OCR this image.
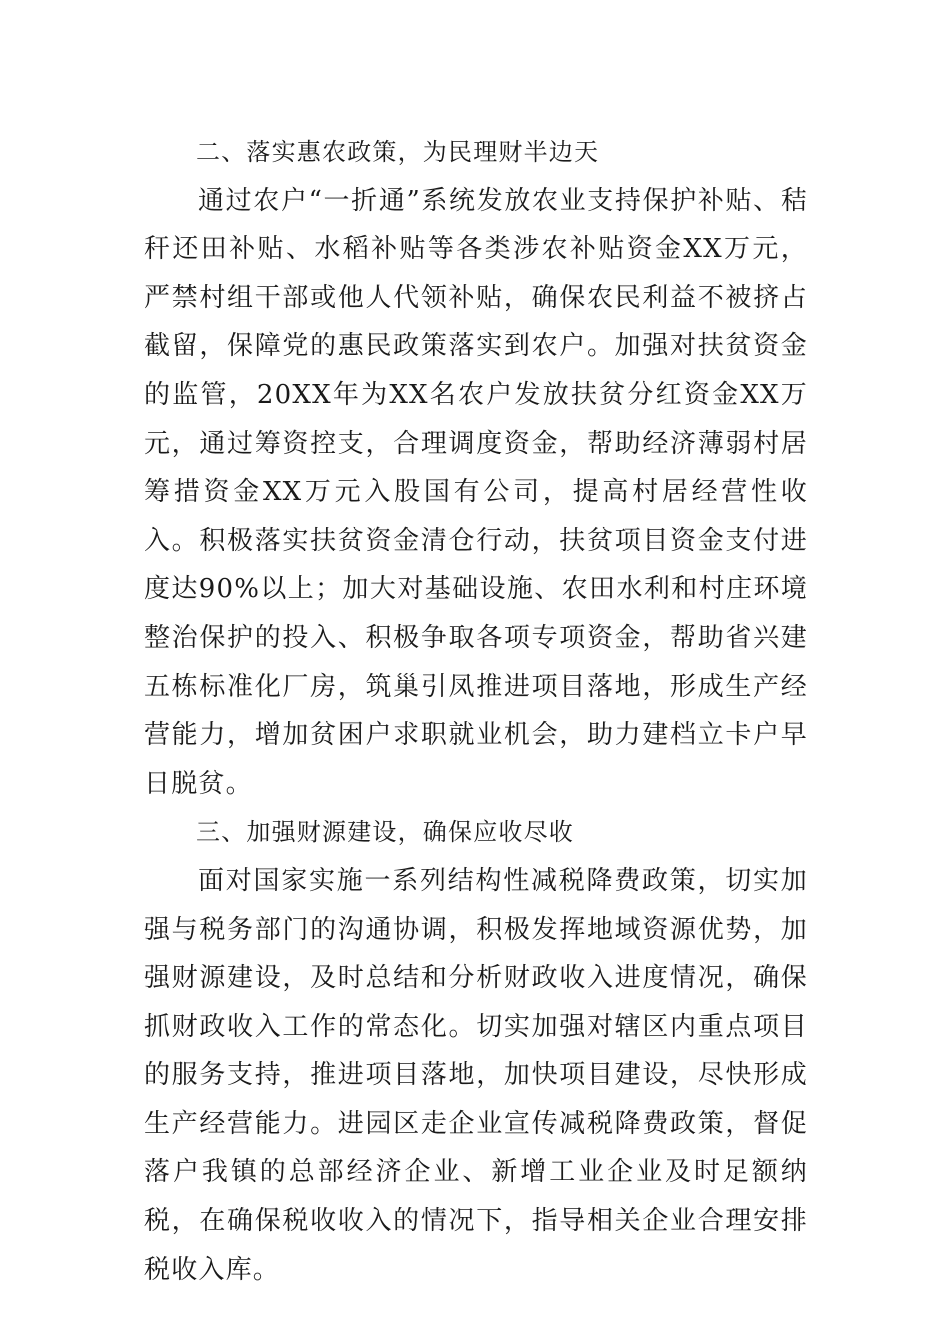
二、落实惠农政策，为民理财半边天

通过农户“一折通”系统发放农业支持保护补贴、秸秆还田补贴、水稻补贴等各类涉农补贴资金XX万元，严禁村组干部或他人代领补贴，确保农民利益不被挤占截留，保障党的惠民政策落实到农户。加强对扶贫资金的监管，20XX年为XX名农户发放扶贫分红资金XX万元，通过筹资控支，合理调度资金，帮助经济薄弱村居筹措资金XX万元入股国有公司，提高村居经营性收入。积极落实扶贫资金清仓行动，扶贫项目资金支付进度达90%以上；加大对基础设施、农田水利和村庄环境整治保护的投入、积极争取各项专项资金，帮助省兴建五栋标准化厂房，筑巢引凤推进项目落地，形成生产经营能力，增加贫困户求职就业机会，助力建档立卡户早日脱贫。

三、加强财源建设，确保应收尽收

面对国家实施一系列结构性减税降费政策，切实加强与税务部门的沟通协调，积极发挥地域资源优势，加强财源建设，及时总结和分析财政收入进度情况，确保抓财政收入工作的常态化。切实加强对辖区内重点项目的服务支持，推进项目落地，加快项目建设，尽快形成生产经营能力。进园区走企业宣传减税降费政策，督促落户我镇的总部经济企业、新增工业企业及时足额纳税，在确保税收收入的情况下，指导相关企业合理安排税收入库。
